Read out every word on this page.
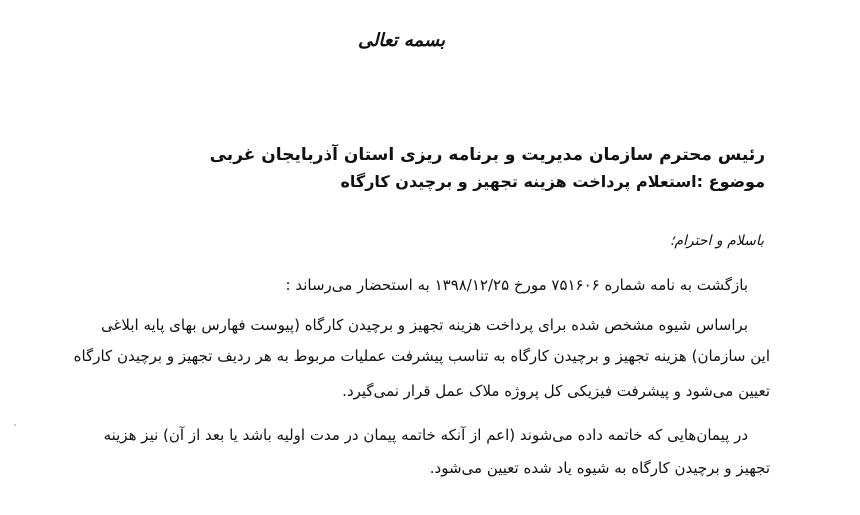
بسمه تعالی
رئیس محترم سازمان مدیریت و برنامه ریزی استان آذربایجان غربی
موضوع :استعلام پرداخت هزینه تجهیز و برچیدن کارگاه
باسلام و احترام؛
بازگشت به نامه شماره ۷۵۱۶۰۶ مورخ ۱۳۹۸/۱۲/۲۵ به استحضار می‌رساند :
براساس شیوه مشخص شده برای پرداخت هزینه تجهیز و برچیدن کارگاه (پیوست فهارس بهای پایه ابلاغی
این سازمان) هزینه تجهیز و برچیدن کارگاه به تناسب پیشرفت عملیات مربوط به هر ردیف تجهیز و برچیدن کارگاه
تعیین می‌شود و پیشرفت فیزیکی کل پروژه ملاک عمل قرار نمی‌گیرد.
در پیمان‌هایی که خاتمه داده می‌شوند (اعم از آنکه خاتمه پیمان در مدت اولیه باشد یا بعد از آن) نیز هزینه
تجهیز و برچیدن کارگاه به شیوه یاد شده تعیین می‌شود.
